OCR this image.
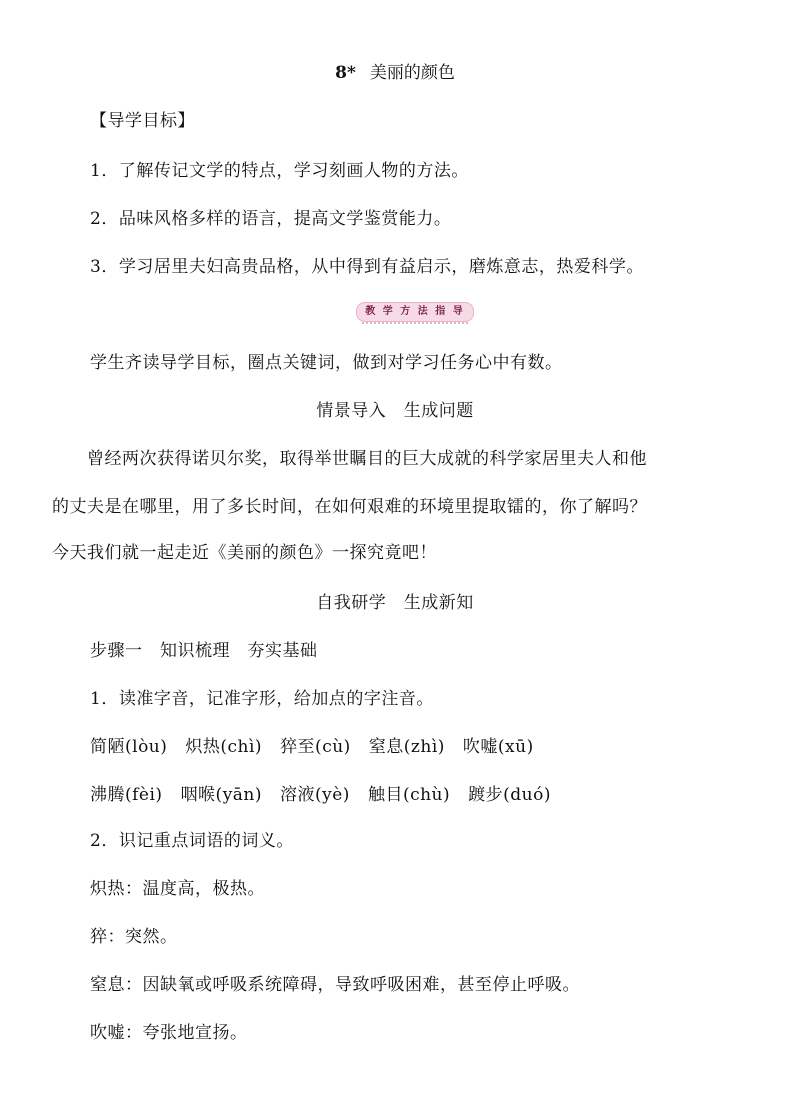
8* 美丽的颜色
【导学目标】
1．了解传记文学的特点，学习刻画人物的方法。
2．品味风格多样的语言，提高文学鉴赏能力。
3．学习居里夫妇高贵品格，从中得到有益启示，磨炼意志，热爱科学。
教 学 方 法 指 导
学生齐读导学目标，圈点关键词，做到对学习任务心中有数。
情景导入　生成问题
　　曾经两次获得诺贝尔奖，取得举世瞩目的巨大成就的科学家居里夫人和他
的丈夫是在哪里，用了多长时间，在如何艰难的环境里提取镭的，你了解吗？
今天我们就一起走近《美丽的颜色》一探究竟吧！
自我研学　生成新知
步骤一　知识梳理　夯实基础
1．读准字音，记准字形，给加点的字注音。
简陋(lòu) 炽热(chì) 猝至(cù) 窒息(zhì) 吹嘘(xū)
沸腾(fèi) 咽喉(yān) 溶液(yè) 触目(chù) 踱步(duó)
2．识记重点词语的词义。
炽热：温度高，极热。
猝：突然。
窒息：因缺氧或呼吸系统障碍，导致呼吸困难，甚至停止呼吸。
吹嘘：夸张地宣扬。
